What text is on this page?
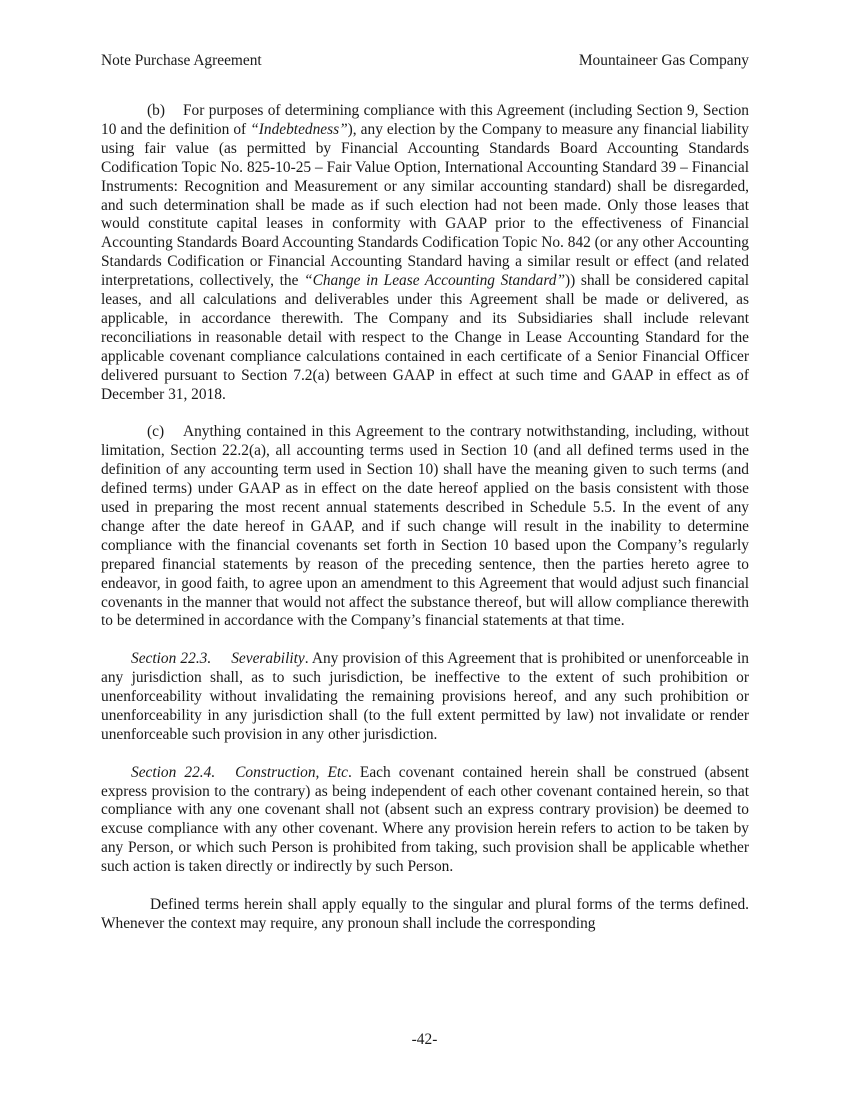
Note Purchase Agreement	Mountaineer Gas Company

(b) For purposes of determining compliance with this Agreement (including Section 9, Section 10 and the definition of “Indebtedness”), any election by the Company to measure any financial liability using fair value (as permitted by Financial Accounting Standards Board Accounting Standards Codification Topic No. 825-10-25 – Fair Value Option, International Accounting Standard 39 – Financial Instruments: Recognition and Measurement or any similar accounting standard) shall be disregarded, and such determination shall be made as if such election had not been made. Only those leases that would constitute capital leases in conformity with GAAP prior to the effectiveness of Financial Accounting Standards Board Accounting Standards Codification Topic No. 842 (or any other Accounting Standards Codification or Financial Accounting Standard having a similar result or effect (and related interpretations, collectively, the “Change in Lease Accounting Standard”)) shall be considered capital leases, and all calculations and deliverables under this Agreement shall be made or delivered, as applicable, in accordance therewith. The Company and its Subsidiaries shall include relevant reconciliations in reasonable detail with respect to the Change in Lease Accounting Standard for the applicable covenant compliance calculations contained in each certificate of a Senior Financial Officer delivered pursuant to Section 7.2(a) between GAAP in effect at such time and GAAP in effect as of December 31, 2018.

(c) Anything contained in this Agreement to the contrary notwithstanding, including, without limitation, Section 22.2(a), all accounting terms used in Section 10 (and all defined terms used in the definition of any accounting term used in Section 10) shall have the meaning given to such terms (and defined terms) under GAAP as in effect on the date hereof applied on the basis consistent with those used in preparing the most recent annual statements described in Schedule 5.5. In the event of any change after the date hereof in GAAP, and if such change will result in the inability to determine compliance with the financial covenants set forth in Section 10 based upon the Company’s regularly prepared financial statements by reason of the preceding sentence, then the parties hereto agree to endeavor, in good faith, to agree upon an amendment to this Agreement that would adjust such financial covenants in the manner that would not affect the substance thereof, but will allow compliance therewith to be determined in accordance with the Company’s financial statements at that time.

Section 22.3. Severability. Any provision of this Agreement that is prohibited or unenforceable in any jurisdiction shall, as to such jurisdiction, be ineffective to the extent of such prohibition or unenforceability without invalidating the remaining provisions hereof, and any such prohibition or unenforceability in any jurisdiction shall (to the full extent permitted by law) not invalidate or render unenforceable such provision in any other jurisdiction.

Section 22.4. Construction, Etc. Each covenant contained herein shall be construed (absent express provision to the contrary) as being independent of each other covenant contained herein, so that compliance with any one covenant shall not (absent such an express contrary provision) be deemed to excuse compliance with any other covenant. Where any provision herein refers to action to be taken by any Person, or which such Person is prohibited from taking, such provision shall be applicable whether such action is taken directly or indirectly by such Person.

Defined terms herein shall apply equally to the singular and plural forms of the terms defined. Whenever the context may require, any pronoun shall include the corresponding

-42-
